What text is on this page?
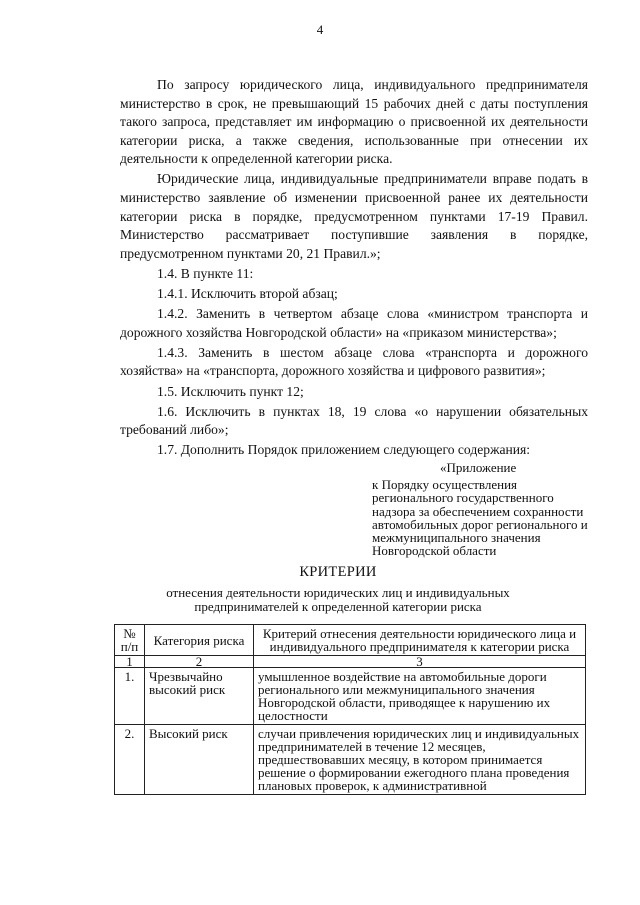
4

По запросу юридического лица, индивидуального предпринимателя министерство в срок, не превышающий 15 рабочих дней с даты поступления такого запроса, представляет им информацию о присвоенной их деятельности категории риска, а также сведения, использованные при отнесении их деятельности к определенной категории риска.

Юридические лица, индивидуальные предприниматели вправе подать в министерство заявление об изменении присвоенной ранее их деятельности категории риска в порядке, предусмотренном пунктами 17-19 Правил. Министерство рассматривает поступившие заявления в порядке, предусмотренном пунктами 20, 21 Правил.»;

1.4. В пункте 11:

1.4.1. Исключить второй абзац;

1.4.2. Заменить в четвертом абзаце слова «министром транспорта и дорожного хозяйства Новгородской области» на «приказом министерства»;

1.4.3. Заменить в шестом абзаце слова «транспорта и дорожного хозяйства» на «транспорта, дорожного хозяйства и цифрового развития»;

1.5. Исключить пункт 12;

1.6. Исключить в пунктах 18, 19 слова «о нарушении обязательных требований либо»;

1.7. Дополнить Порядок приложением следующего содержания:

«Приложение
к Порядку осуществления регионального государственного надзора за обеспечением сохранности автомобильных дорог регионального и межмуниципального значения Новгородской области
КРИТЕРИИ
отнесения деятельности юридических лиц и индивидуальных предпринимателей к определенной категории риска
№ п/п	Категория риска	Критерий отнесения деятельности юридического лица и индивидуального предпринимателя к категории риска
1	2	3
1.	Чрезвычайно высокий риск	умышленное воздействие на автомобильные дороги регионального или межмуниципального значения Новгородской области, приводящее к нарушению их целостности
2.	Высокий риск	случаи привлечения юридических лиц и индивидуальных предпринимателей в течение 12 месяцев, предшествовавших месяцу, в котором принимается решение о формировании ежегодного плана проведения плановых проверок, к административной
